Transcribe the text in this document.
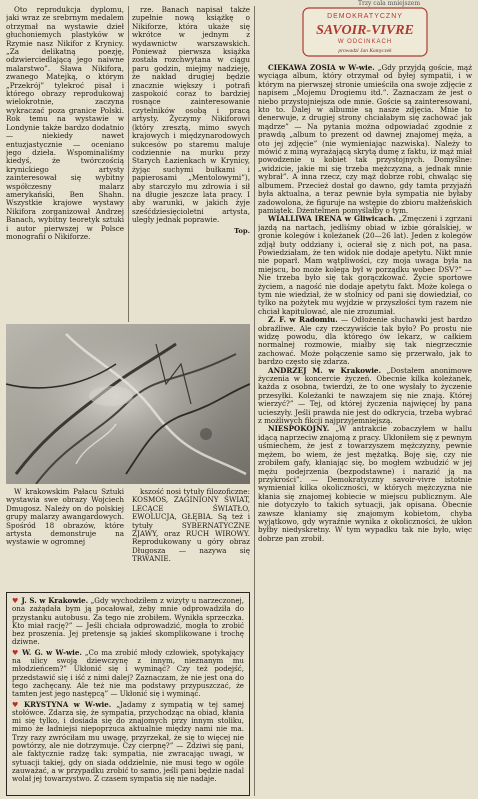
Trzy cala mniejszem

Oto reprodukcja dyplomu, jaki wraz ze srebrnym medalem otrzymał na wystawie dzieł głuchoniemych plastyków w Rzymie nasz Nikifor z Krynicy. „Za delikatną poezję, odzwierciedlającą jego naiwne malarstwo”. Sława Nikifora, zwanego Matejką, o którym „Przekrój” tylekroć pisał i którego obrazy reprodukowaj wielokrotnie, zaczyna wykraczać poza granice Polski. Rok temu na wystawie w Londynie także bardzo dodatnio — niekiedy nawet entuzjastycznie — oceniano jego dzieła. Wspominaliśmy kiedyś, że twórczością krynickiego artysty zainteresował się wybitny współczesny malarz amerykański, Ben Shahn. Wszystkie krajowe wystawy Nikifora zorganizował Andrzej Banach, wybitny teoretyk sztuki i autor pierwszej w Polsce monografii o Nikiforze.

rze. Banach napisał także zupełnie nową książkę o Nikiforze, która ukaże się wkrótce w jednym z wydawnictw warszawskich. Ponieważ pierwsza książka została rozchwytana w ciągu paru godzin, miejmy nadzieję, że nakład drugiej będzie znacznie większy i potrafi zaspokoić coraz to bardziej rosnące zainteresowanie czytelników osobą i pracą artysty. Życzymy Nikiforowi (który zresztą, mimo swych krajowych i międzynarodowych sukcesów po staremu maluje codziennie na murku przy Starych Łazienkach w Krynicy, żyjąc suchymi bułkami i papierosami „Mentolowymi”), aby starczyło mu zdrowia i sił na długie jeszcze lata pracy. I aby warunki, w jakich żyje sześćdziesięcioletni artysta, uległy jednak poprawie.

Top.

W krakowskim Pałacu Sztuki wystawia swe obrazy Wojciech Dmugosz. Należy on do polskiej grupy malarzy awangardowych. Spośród 18 obrazów, które artysta demonstruje na wystawie w ogromnej

kszość nosi tytuły filozoficzne: KOSMOS, ZAGINIONY ŚWIAT, LECĄCE ŚWIATŁO, EWOLUCJA, GŁĘBIA. Są też i tytuły SYBERNATYCZNE ZJAWY, oraz RUCH WIROWY. Reprodukowany u góry obraz Długosza — nazywa się TRWANIE.

♥ J. S. w Krakowie. „Gdy wychodziłem z wizyty u narzeczonej, ona zażądała bym ją pocałował, żeby mnie odprowadziła do przystanku autobusu. Za tego nie zrobiłem. Wynikła sprzeczka. Kto miał rację?” — Jeśli chciała odprowadzić, mogła to zrobić bez proszenia. Jej pretensje są jakieś skomplikowane i trochę dziwne.

♥ W. G. w W-wie. „Co ma zrobić młody człowiek, spotykający na ulicy swoją dziewczynę z innym, nieznanym mu młodzieńcem?” Ukłonić się i wyminąć? Czy też podejść, przedstawić się i iść z nimi dalej? Zaznaczam, że nie jest ona do tego zachęcany. Ale też nie ma podstawy przypuszczać, że tamten jest jego następcą” — Ukłonić się i wyminąć.

♥ KRYSTYNA w W-wie. „Jadamy z sympatią w tej samej stołówce. Zdarza się, że sympatia, przychodząc na obiad, kłania mi się tylko, i dosiada się do znajomych przy innym stoliku, mimo że ładniejsi niepoprzuca aktualnie między nami nie ma. Trzy razy zwróciłam mu uwagę, przyrzekał, że się to więcej nie powtórzy, ale nie dotrzymuje. Czy cierpnę?” — Zdziwi się pani, ale faktycznie radzę tak: sympatia, nie zwracając uwagi, w sytuacji takiej, gdy on siada oddzielnie, nie musi tego w ogóle zauważać, a w przypadku zrobić to samo, jeśli pani będzie nadal wolał jej towarzystwo. Z czasem sympatia się nie nadaje.

DEMOKRATYCZNY
SAVOIR-VIVRE
W ODCINKACH
prowadzi Jan Kamyczek

CIEKAWA ZOSIA w W-wie. „Gdy przyjdą goście, mąż wyciąga album, który otrzymał od byłej sympatii, i w którym na pierwszej stronie umieściła ona swoje zdjęcie z napisem „Mojemu Drogiemu itd.”. Zaznaczam że jest o niebo przystojniejsza ode mnie. Goście są zainteresowani, kto to. Dalej w albumie są nasze zdjęcia. Mnie to denerwuje, z drugiej strony chciałabym się zachować jak mądrze” — Na pytania można odpowiadać zgodnie z prawdą „album to prezent od dawnej znajomej męża, a oto jej zdjęcie” (nie wymieniając nazwiska). Należy to mówić z miną wyrażającą skrytą dumę z faktu, iż mąż miał powodzenie u kobiet tak przystojnych. Domyślne: „widzicie, jakie mi się trzeba mężczyzna, a jednak mnie wybrał”. A inna rzecz, czy mąż dobrze robi, chwaląc się albumem. Przecież dostał go dawno, gdy tamta przyjaźń była aktualna, a teraz pewnie była sympatia nie byłaby zadowolona, że figuruje na wstępie do zbioru małżeńskich pamiątek. Dżentelmen pomyślałby o tym.

WIALLIWA IRENA w Gliwicach. „Zmęczeni i zgrzani jazdą na nartach, jedliśmy obiad w izbie góralskiej, w gronie kolegów i koleżanek (20—26 lat). Jeden z kolegów zdjął buty oddziany i, ocierał się z nich pot, na pasa. Powiedziałam, że ten widok nie dodaje apetytu. Nikt mnie nie poparł. Mam wątpliwości, czy moja uwaga była na miejscu, bo może kolega był w porządku wobec DSV?” — Nie trzeba było się tak gorączkować. Życie sportowe życiem, a nagość nie dodaje apetytu fakt. Może kolega o tym nie wiedział, że w stolnicy od pani się dowiedział, co tylko na pożytek mu wyjdzie w przyszłości tym razem nie chciał kapitulować, ale nie zrozumiał.

Z. F. w Radomiu. — Odłożenie słuchawki jest bardzo obraźliwe. Ale czy rzeczywiście tak było? Po prostu nie widzę powodu, dla którego ów lekarz, w całkiem normalnej rozmowie, miałby się tak niegrzecznie zachować. Może połączenie samo się przerwało, jak to bardzo często się zdarza.

ANDRZEJ M. w Krakowie. „Dostałem anonimowe życzenia w koncercie życzeń. Obecnie kilka koleżanek, każda z osobna, twierdzi, że to one wysłały to życzenie przesyłki. Koleżanki te nawzajem się nie znają. Której wierzyć?” — Tej, od której życzenia najwięcej by pana ucieszyły. Jeśli prawda nie jest do odkrycia, trzeba wybrać z możliwych fikcji najprzyjemniejszą.

NIESPOKOJNY. „W antrakcie zobaczyłem w hallu idącą naprzeciw znajomą z pracy. Ukłoniłem się z pewnym uśmiechem, że jest z towarzyszem mężczyzny, pewnie mężem, bo wiem, że jest mężatką. Boję się, czy nie zrobiłem gafy, kłaniając się, bo mogłem wzbudzić w jej mężu podejrzenia (bezpodstawne) i narazić ją na przykrości”. — Demokratyczny savoir-vivre istotnie wymieniał kilka okoliczności, w których mężczyzna nie kłania się znajomej kobiecie w miejscu publicznym. Ale nie dotyczyło to takich sytuacji, jak opisana. Obecnie zawsze kłaniamy się znajomym kobietom, chyba wyjątkowo, gdy wyraźnie wynika z okoliczności, że ukłon byłby niedyskretny. W tym wypadku tak nie było, więc dobrze pan zrobił.
